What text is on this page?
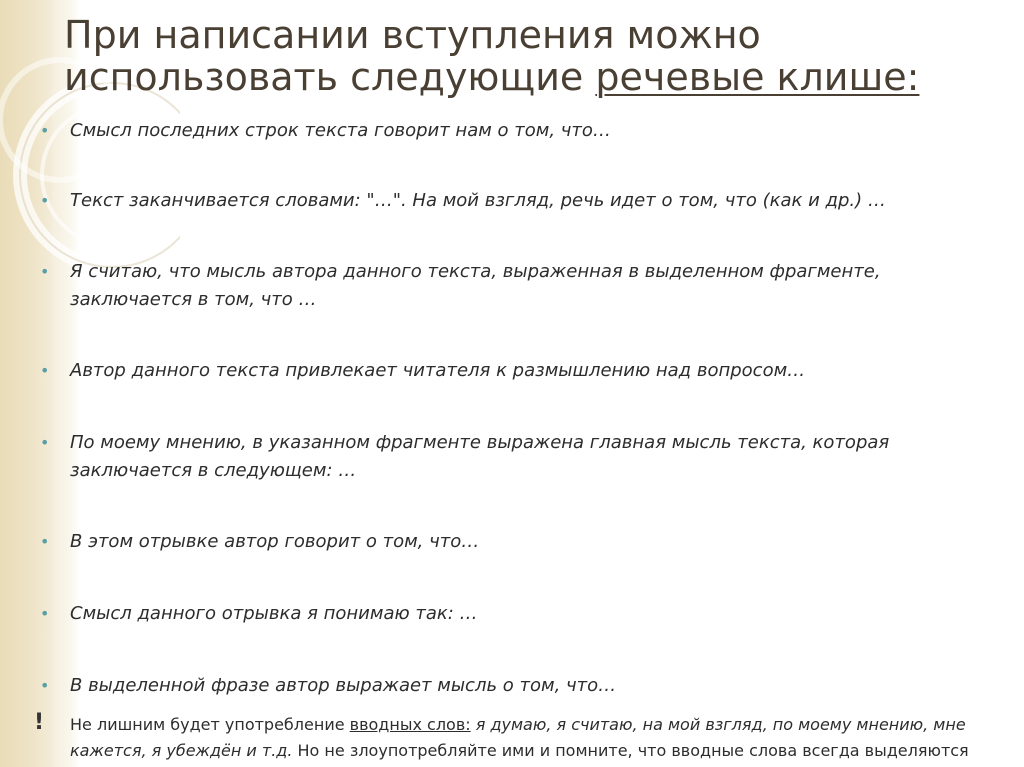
При написании вступления можно
использовать следующие речевые клише:
•	Смысл последних строк текста говорит нам о том, что…
•	Текст заканчивается словами: "…". На мой взгляд, речь идет о том, что (как и др.) …
•	Я считаю, что мысль автора данного текста, выраженная в выделенном фрагменте, заключается в том, что …
•	Автор данного текста привлекает читателя к размышлению над вопросом…
•	По моему мнению, в указанном фрагменте выражена главная мысль текста, которая заключается в следующем: …
•	В этом отрывке автор говорит о том, что…
•	Смысл данного отрывка я понимаю так: …
•	В выделенной фразе автор выражает мысль о том, что…
! Не лишним будет употребление вводных слов: я думаю, я считаю, на мой взгляд, по моему мнению, мне кажется, я убеждён и т.д. Но не злоупотребляйте ими и помните, что вводные слова всегда выделяются
